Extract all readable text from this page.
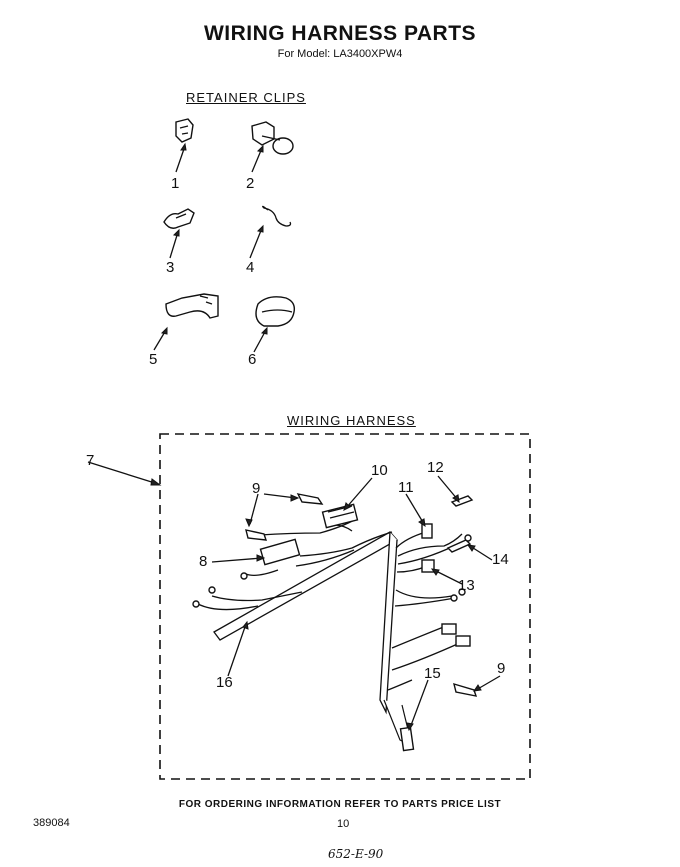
WIRING HARNESS PARTS
For Model: LA3400XPW4
RETAINER CLIPS
WIRING HARNESS
1	2
3	4
5	6
7
8
9
10
11
12
13
14
15	9
16
FOR ORDERING INFORMATION REFER TO PARTS PRICE LIST
389084	10
652-E-90
